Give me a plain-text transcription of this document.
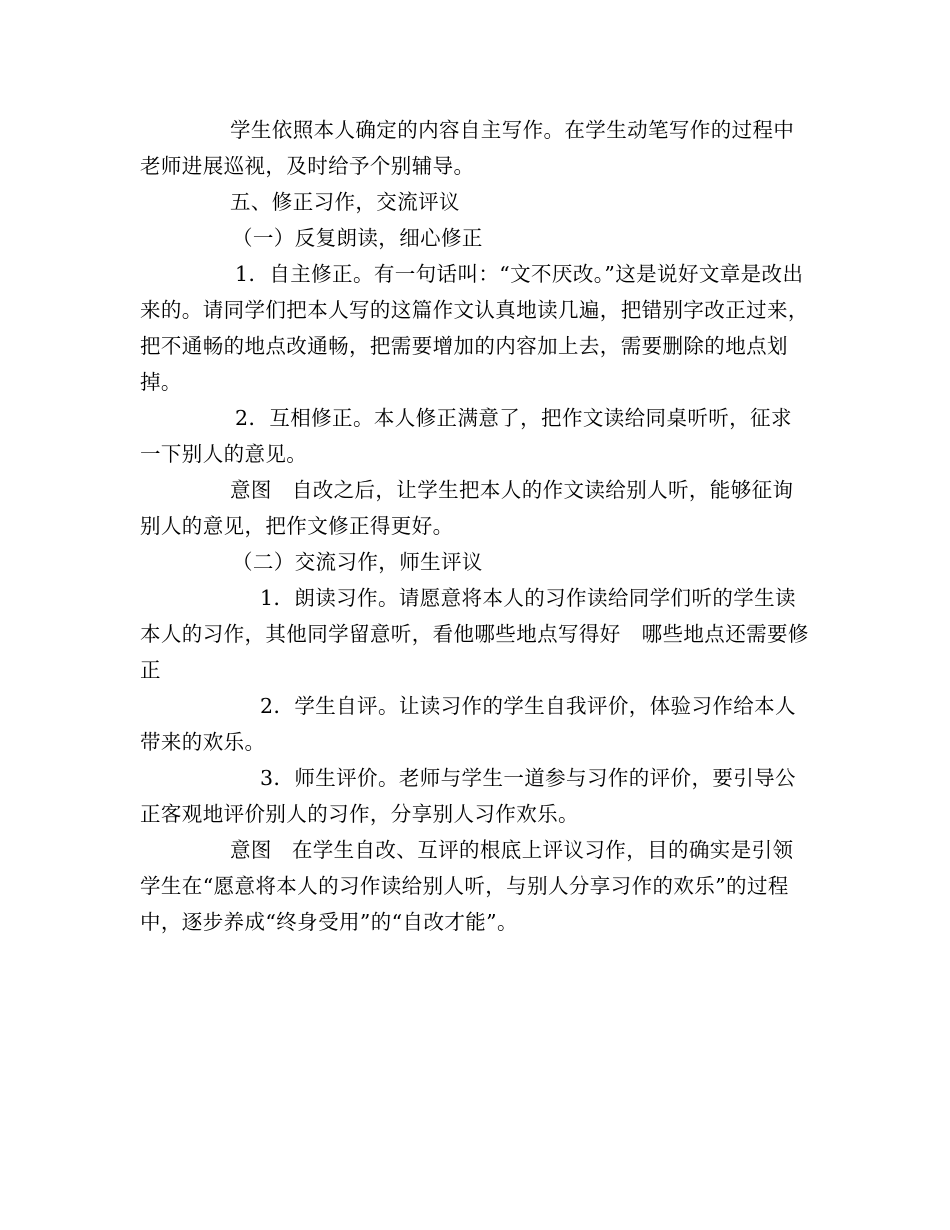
学生依照本人确定的内容自主写作。在学生动笔写作的过程中老师进展巡视，及时给予个别辅导。

五、修正习作，交流评议

（一）反复朗读，细心修正

1．自主修正。有一句话叫：“文不厌改。”这是说好文章是改出来的。请同学们把本人写的这篇作文认真地读几遍，把错别字改正过来，把不通畅的地点改通畅，把需要增加的内容加上去，需要删除的地点划掉。

2．互相修正。本人修正满意了，把作文读给同桌听听，征求一下别人的意见。

意图 自改之后，让学生把本人的作文读给别人听，能够征询别人的意见，把作文修正得更好。

（二）交流习作，师生评议

1．朗读习作。请愿意将本人的习作读给同学们听的学生读本人的习作，其他同学留意听，看他哪些地点写得好　哪些地点还需要修正

2．学生自评。让读习作的学生自我评价，体验习作给本人带来的欢乐。

3．师生评价。老师与学生一道参与习作的评价，要引导公正客观地评价别人的习作，分享别人习作欢乐。

意图 在学生自改、互评的根底上评议习作，目的确实是引领学生在“愿意将本人的习作读给别人听，与别人分享习作的欢乐”的过程中，逐步养成“终身受用”的“自改才能”。
